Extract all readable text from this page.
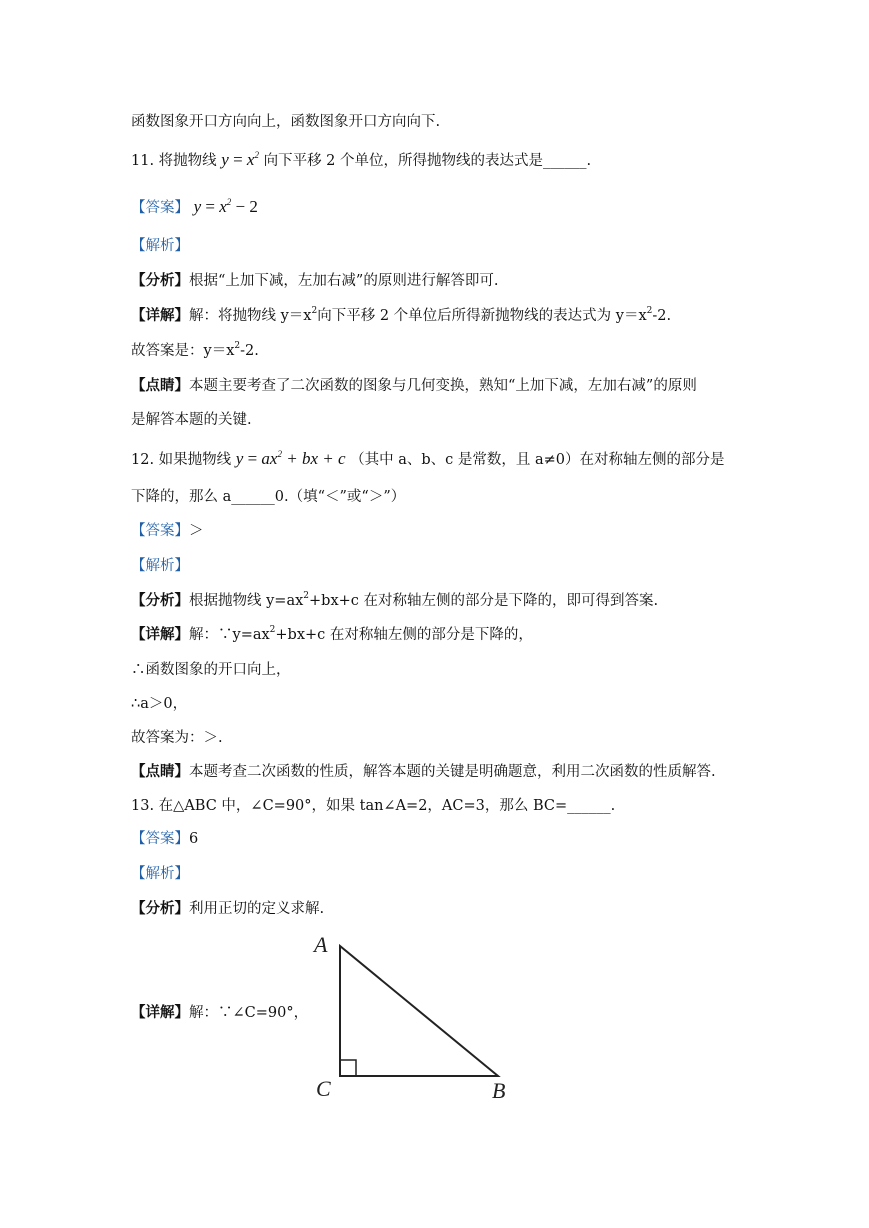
函数图象开口方向向上，函数图象开口方向向下.
11. 将抛物线 $y = x^2$ 向下平移 2 个单位，所得抛物线的表达式是______.
【答案】 $y = x^2 - 2$
【解析】
【分析】根据“上加下减，左加右减”的原则进行解答即可.
【详解】解：将抛物线 $y=x^2$向下平移 2 个单位后所得新抛物线的表达式为 $y=x^2-2$.
故答案是：$y=x^2-2$.
【点睛】本题主要考查了二次函数的图象与几何变换，熟知“上加下减，左加右减”的原则
是解答本题的关键.
12. 如果抛物线 $y = ax^2$ + bx + c （其中 a、b、c 是常数，且 a≠0）在对称轴左侧的部分是
下降的，那么 a______0.（填“＜”或“＞”）
【答案】＞
【解析】
【分析】根据抛物线 $y=ax^2+bx+c$ 在对称轴左侧的部分是下降的，即可得到答案.
【详解】解：$\because y=ax^2+bx+c$ 在对称轴左侧的部分是下降的，
∴函数图象的开口向上，
∴a＞0，
故答案为：＞.
【点睛】本题考查二次函数的性质，解答本题的关键是明确题意，利用二次函数的性质解答.
13. 在△ABC 中，∠C=90°，如果 tan∠A=2，AC=3，那么 BC=______.
【答案】6
【解析】
【分析】利用正切的定义求解.
【详解】解：∵∠C=90°，
A
C	B
